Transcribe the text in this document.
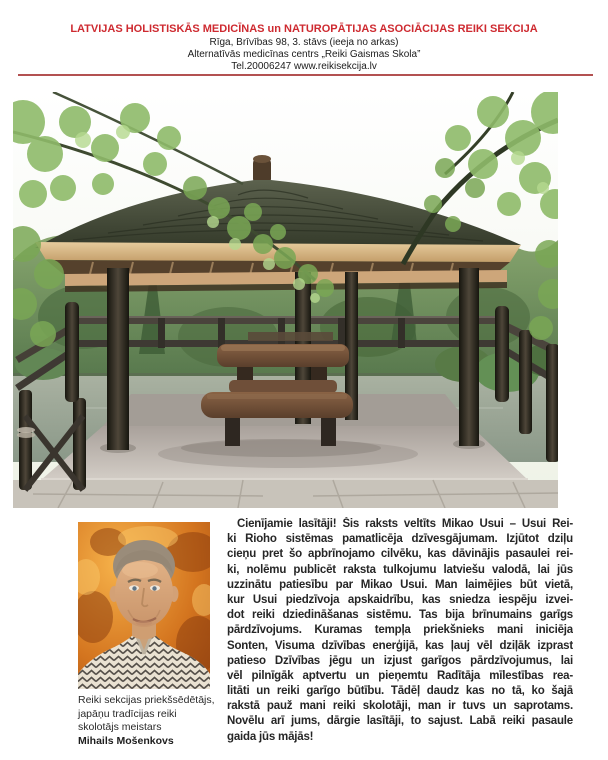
LATVIJAS HOLISTISKĀS MEDICĪNAS un NATUROPĀTIJAS ASOCIĀCIJAS REIKI SEKCIJA
Rīga, Brīvības 98, 3. stāvs (ieeja no arkas)
Alternatīvās medicīnas centrs „Reiki Gaismas Skola”
Tel.20006247 www.reikisekcija.lv
Reiki sekcijas priekšsēdētājs,
japāņu tradīcijas reiki
skolotājs meistars
Mihails Mošenkovs
Cienījamie lasītāji! Šis raksts veltīts Mikao Usui – Usui Rei-
ki Rioho sistēmas pamatlicēja dzīvesgājumam. Izjūtot dziļu
cieņu pret šo apbrīnojamo cilvēku, kas dāvinājis pasaulei rei-
ki, nolēmu publicēt raksta tulkojumu latviešu valodā, lai jūs
uzzinātu patiesību par Mikao Usui. Man laimējies būt vietā,
kur Usui piedzīvoja apskaidrību, kas sniedza iespēju izvei-
dot reiki dziedināšanas sistēmu. Tas bija brīnumains garīgs
pārdzīvojums. Kuramas tempļa priekšnieks mani iniciēja
Sonten, Visuma dzīvības enerģijā, kas ļauj vēl dziļāk izprast
patieso Dzīvības jēgu un izjust garīgos pārdzīvojumus, lai
vēl pilnīgāk aptvertu un pieņemtu Radītāja mīlestības rea-
litāti un reiki garīgo būtību. Tādēļ daudz kas no tā, ko šajā
rakstā pauž mani reiki skolotāji, man ir tuvs un saprotams.
Novēlu arī jums, dārgie lasītāji, to sajust. Labā reiki pasaule
gaida jūs mājās!
